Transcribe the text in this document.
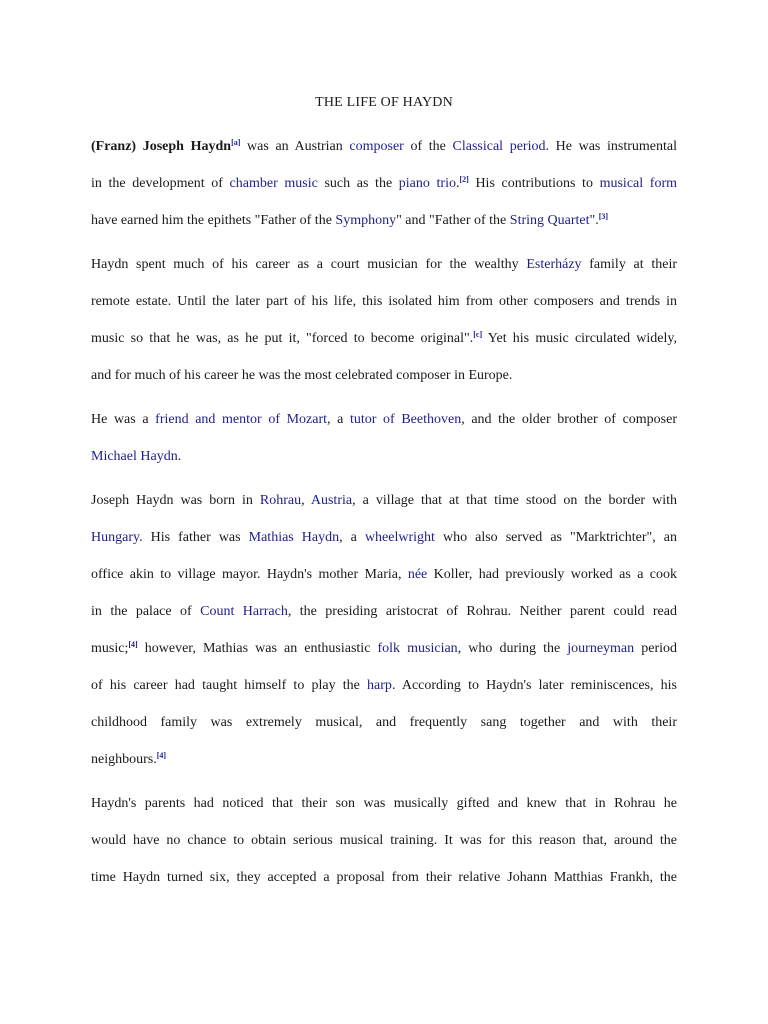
THE LIFE OF HAYDN
(Franz) Joseph Haydn[a] was an Austrian composer of the Classical period. He was instrumental
in the development of chamber music such as the piano trio.[2] His contributions to musical form
have earned him the epithets "Father of the Symphony" and "Father of the String Quartet".[3]
Haydn spent much of his career as a court musician for the wealthy Esterházy family at their
remote estate. Until the later part of his life, this isolated him from other composers and trends in
music so that he was, as he put it, "forced to become original".[c] Yet his music circulated widely,
and for much of his career he was the most celebrated composer in Europe.
He was a friend and mentor of Mozart, a tutor of Beethoven, and the older brother of composer
Michael Haydn.
Joseph Haydn was born in Rohrau, Austria, a village that at that time stood on the border with
Hungary. His father was Mathias Haydn, a wheelwright who also served as "Marktrichter", an
office akin to village mayor. Haydn's mother Maria, née Koller, had previously worked as a cook
in the palace of Count Harrach, the presiding aristocrat of Rohrau. Neither parent could read
music;[4] however, Mathias was an enthusiastic folk musician, who during the journeyman period
of his career had taught himself to play the harp. According to Haydn's later reminiscences, his
childhood family was extremely musical, and frequently sang together and with their
neighbours.[4]
Haydn's parents had noticed that their son was musically gifted and knew that in Rohrau he
would have no chance to obtain serious musical training. It was for this reason that, around the
time Haydn turned six, they accepted a proposal from their relative Johann Matthias Frankh, the
